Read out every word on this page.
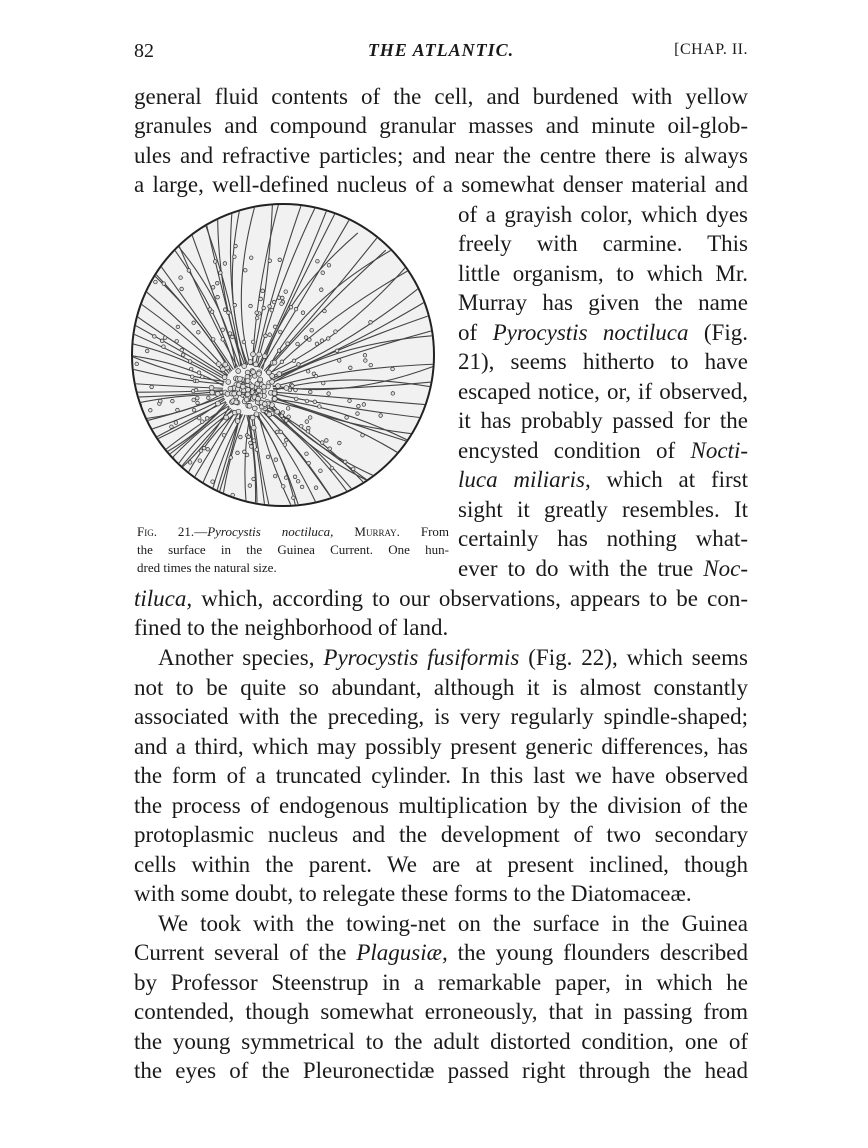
82	THE ATLANTIC.	[CHAP. II.
general fluid contents of the cell, and burdened with yellow
granules and compound granular masses and minute oil-glob-
ules and refractive particles; and near the centre there is always
a large, well-defined nucleus of a somewhat denser material and
Fig. 21.—Pyrocystis noctiluca, Murray. From
the surface in the Guinea Current. One hun-
dred times the natural size.
of a grayish color, which dyes
freely with carmine. This
little organism, to which Mr.
Murray has given the name
of Pyrocystis noctiluca (Fig.
21), seems hitherto to have
escaped notice, or, if observed,
it has probably passed for the
encysted condition of Nocti-
luca miliaris, which at first
sight it greatly resembles. It
certainly has nothing what-
ever to do with the true Noc-
tiluca, which, according to our observations, appears to be con-
fined to the neighborhood of land.
Another species, Pyrocystis fusiformis (Fig. 22), which seems
not to be quite so abundant, although it is almost constantly
associated with the preceding, is very regularly spindle-shaped;
and a third, which may possibly present generic differences, has
the form of a truncated cylinder. In this last we have observed
the process of endogenous multiplication by the division of the
protoplasmic nucleus and the development of two secondary
cells within the parent. We are at present inclined, though
with some doubt, to relegate these forms to the Diatomaceæ.
We took with the towing-net on the surface in the Guinea
Current several of the Plagusiæ, the young flounders described
by Professor Steenstrup in a remarkable paper, in which he
contended, though somewhat erroneously, that in passing from
the young symmetrical to the adult distorted condition, one of
the eyes of the Pleuronectidæ passed right through the head
